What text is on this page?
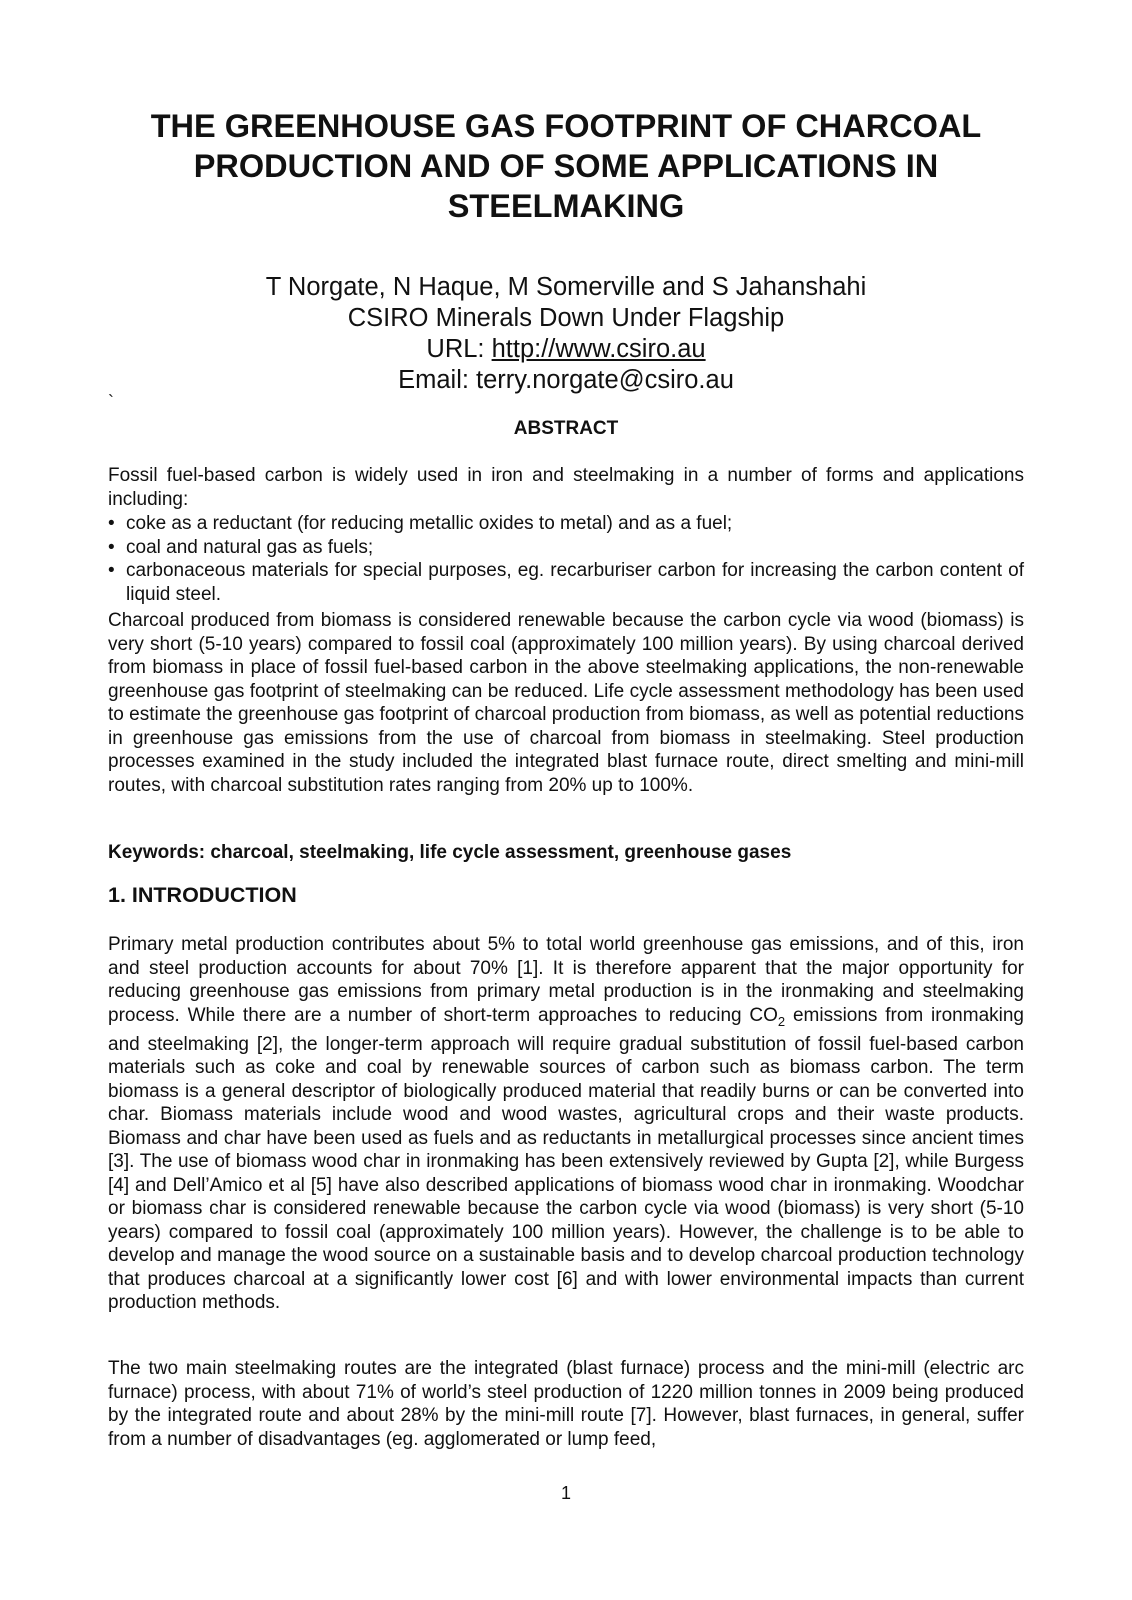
THE GREENHOUSE GAS FOOTPRINT OF CHARCOAL
PRODUCTION AND OF SOME APPLICATIONS IN
STEELMAKING
T Norgate, N Haque, M Somerville and S Jahanshahi
CSIRO Minerals Down Under Flagship
URL: http://www.csiro.au
Email: terry.norgate@csiro.au
`
ABSTRACT

Fossil fuel-based carbon is widely used in iron and steelmaking in a number of forms and applications including:

• coke as a reductant (for reducing metallic oxides to metal) and as a fuel;
• coal and natural gas as fuels;
• carbonaceous materials for special purposes, eg. recarburiser carbon for increasing the carbon content of liquid steel.

Charcoal produced from biomass is considered renewable because the carbon cycle via wood (biomass) is very short (5-10 years) compared to fossil coal (approximately 100 million years). By using charcoal derived from biomass in place of fossil fuel-based carbon in the above steelmaking applications, the non-renewable greenhouse gas footprint of steelmaking can be reduced. Life cycle assessment methodology has been used to estimate the greenhouse gas footprint of charcoal production from biomass, as well as potential reductions in greenhouse gas emissions from the use of charcoal from biomass in steelmaking. Steel production processes examined in the study included the integrated blast furnace route, direct smelting and mini-mill routes, with charcoal substitution rates ranging from 20% up to 100%.

Keywords: charcoal, steelmaking, life cycle assessment, greenhouse gases
1. INTRODUCTION

Primary metal production contributes about 5% to total world greenhouse gas emissions, and of this, iron and steel production accounts for about 70% [1]. It is therefore apparent that the major opportunity for reducing greenhouse gas emissions from primary metal production is in the ironmaking and steelmaking process. While there are a number of short-term approaches to reducing $CO_2$ emissions from ironmaking and steelmaking [2], the longer-term approach will require gradual substitution of fossil fuel-based carbon materials such as coke and coal by renewable sources of carbon such as biomass carbon. The term biomass is a general descriptor of biologically produced material that readily burns or can be converted into char. Biomass materials include wood and wood wastes, agricultural crops and their waste products. Biomass and char have been used as fuels and as reductants in metallurgical processes since ancient times [3]. The use of biomass wood char in ironmaking has been extensively reviewed by Gupta [2], while Burgess [4] and Dell’Amico et al [5] have also described applications of biomass wood char in ironmaking. Woodchar or biomass char is considered renewable because the carbon cycle via wood (biomass) is very short (5-10 years) compared to fossil coal (approximately 100 million years). However, the challenge is to be able to develop and manage the wood source on a sustainable basis and to develop charcoal production technology that produces charcoal at a significantly lower cost [6] and with lower environmental impacts than current production methods.

The two main steelmaking routes are the integrated (blast furnace) process and the mini-mill (electric arc furnace) process, with about 71% of world’s steel production of 1220 million tonnes in 2009 being produced by the integrated route and about 28% by the mini-mill route [7]. However, blast furnaces, in general, suffer from a number of disadvantages (eg. agglomerated or lump feed,

1
